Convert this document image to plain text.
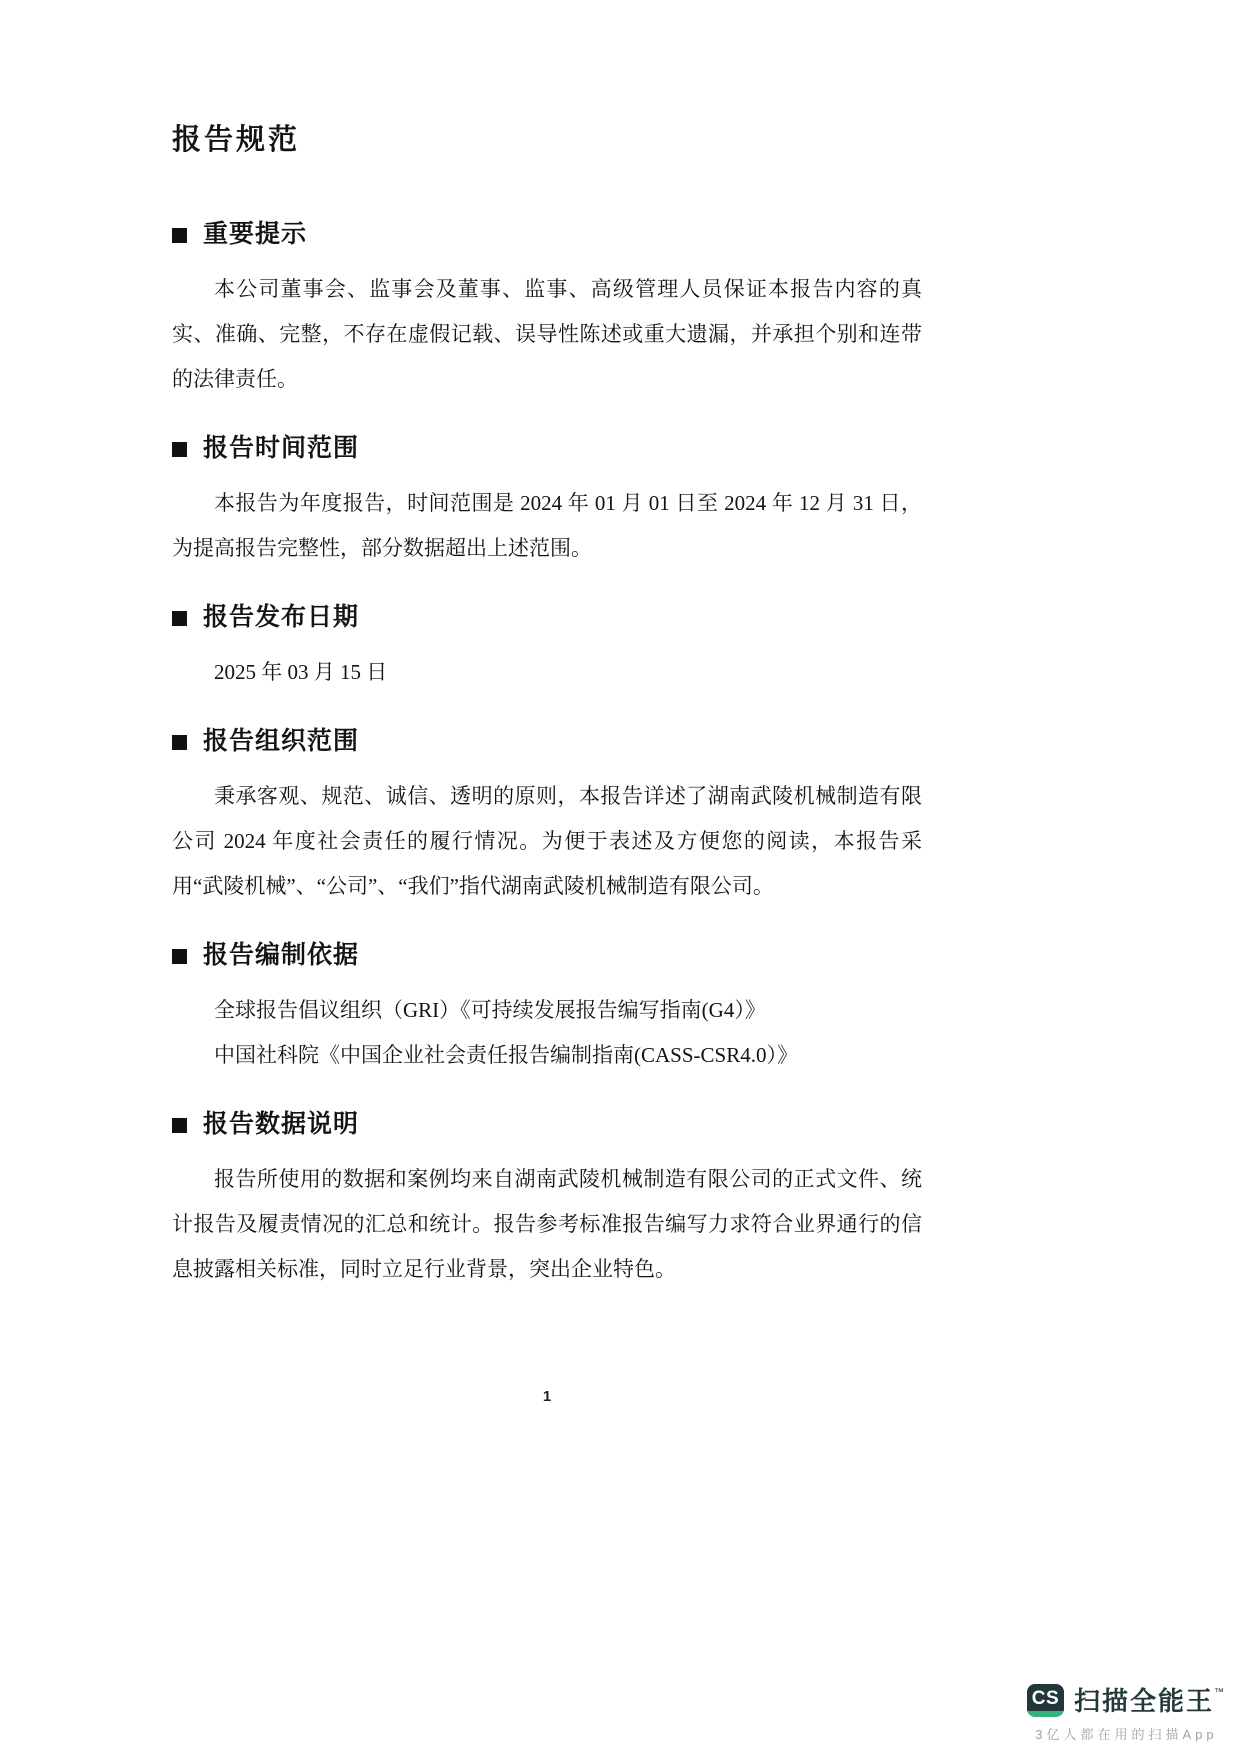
报告规范
重要提示

本公司董事会、监事会及董事、监事、高级管理人员保证本报告内容的真实、准确、完整，不存在虚假记载、误导性陈述或重大遗漏，并承担个别和连带的法律责任。

报告时间范围

本报告为年度报告，时间范围是 2024 年 01 月 01 日至 2024 年 12 月 31 日，为提高报告完整性，部分数据超出上述范围。

报告发布日期

2025 年 03 月 15 日

报告组织范围

秉承客观、规范、诚信、透明的原则，本报告详述了湖南武陵机械制造有限公司 2024 年度社会责任的履行情况。为便于表述及方便您的阅读，本报告采用“武陵机械”、“公司”、“我们”指代湖南武陵机械制造有限公司。

报告编制依据

全球报告倡议组织（GRI）《可持续发展报告编写指南(G4）》

中国社科院《中国企业社会责任报告编制指南(CASS-CSR4.0）》

报告数据说明

报告所使用的数据和案例均来自湖南武陵机械制造有限公司的正式文件、统计报告及履责情况的汇总和统计。报告参考标准报告编写力求符合业界通行的信息披露相关标准，同时立足行业背景，突出企业特色。

1
CS 扫描全能王™
3亿人都在用的扫描App
